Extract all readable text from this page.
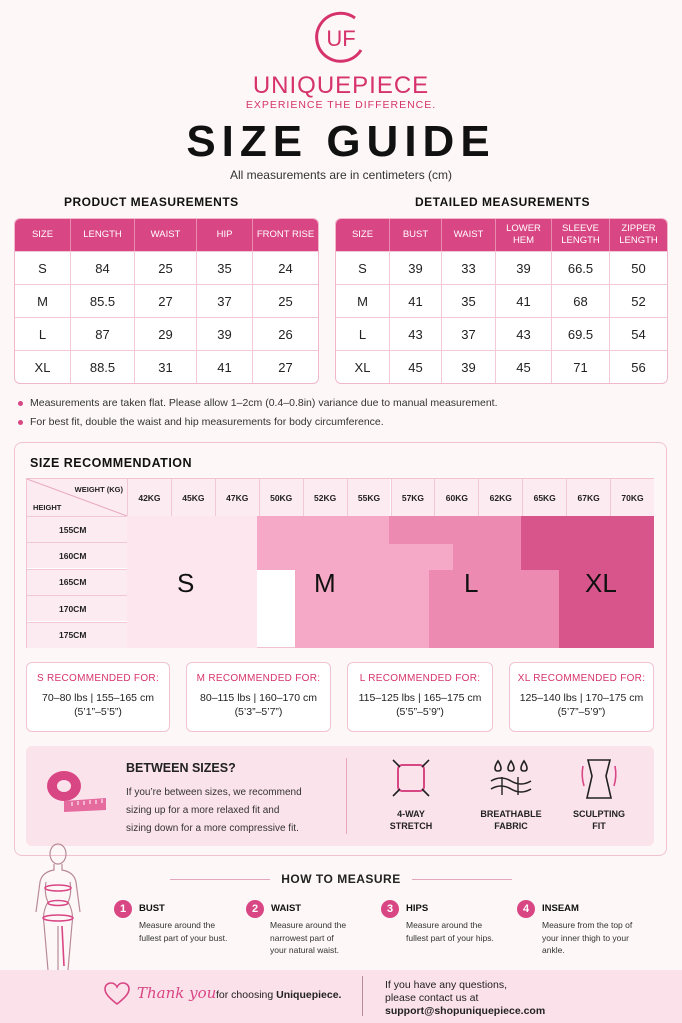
UF
UNIQUEPIECE
EXPERIENCE THE DIFFERENCE.
SIZE GUIDE
All measurements are in centimeters (cm)
PRODUCT MEASUREMENTS
SIZE	LENGTH	WAIST	HIP	FRONT RISE
S	84	25	35	24
M	85.5	27	37	25
L	87	29	39	26
XL	88.5	31	41	27
DETAILED MEASUREMENTS
SIZE	BUST	WAIST	LOWER HEM	SLEEVE LENGTH	ZIPPER LENGTH
S	39	33	39	66.5	50
M	41	35	41	68	52
L	43	37	43	69.5	54
XL	45	39	45	71	56
Measurements are taken flat. Please allow 1–2cm (0.4–0.8in) variance due to manual measurement.
For best fit, double the waist and hip measurements for body circumference.
SIZE RECOMMENDATION
WEIGHT (KG)
HEIGHT
42KG	45KG	47KG	50KG	52KG	55KG	57KG	60KG	62KG	65KG	67KG	70KG
155CM
160CM
165CM
170CM
175CM
S	M	L	XL
S RECOMMENDED FOR:
70–80 lbs | 155–165 cm
(5’1”–5’5”)
M RECOMMENDED FOR:
80–115 lbs | 160–170 cm
(5’3”–5’7”)
L RECOMMENDED FOR:
115–125 lbs | 165–175 cm
(5’5”–5’9”)
XL RECOMMENDED FOR:
125–140 lbs | 170–175 cm
(5’7”–5’9”)
BETWEEN SIZES?
If you’re between sizes, we recommend
sizing up for a more relaxed fit and
sizing down for a more compressive fit.
4-WAY
STRETCH
BREATHABLE
FABRIC
SCULPTING
FIT
HOW TO MEASURE
1	BUST
Measure around the
fullest part of your bust.
2	WAIST
Measure around the
narrowest part of
your natural waist.
3	HIPS
Measure around the
fullest part of your hips.
4	INSEAM
Measure from the top of
your inner thigh to your
ankle.
Thank you for choosing Uniquepiece.
If you have any questions,
please contact us at
support@shopuniquepiece.com
